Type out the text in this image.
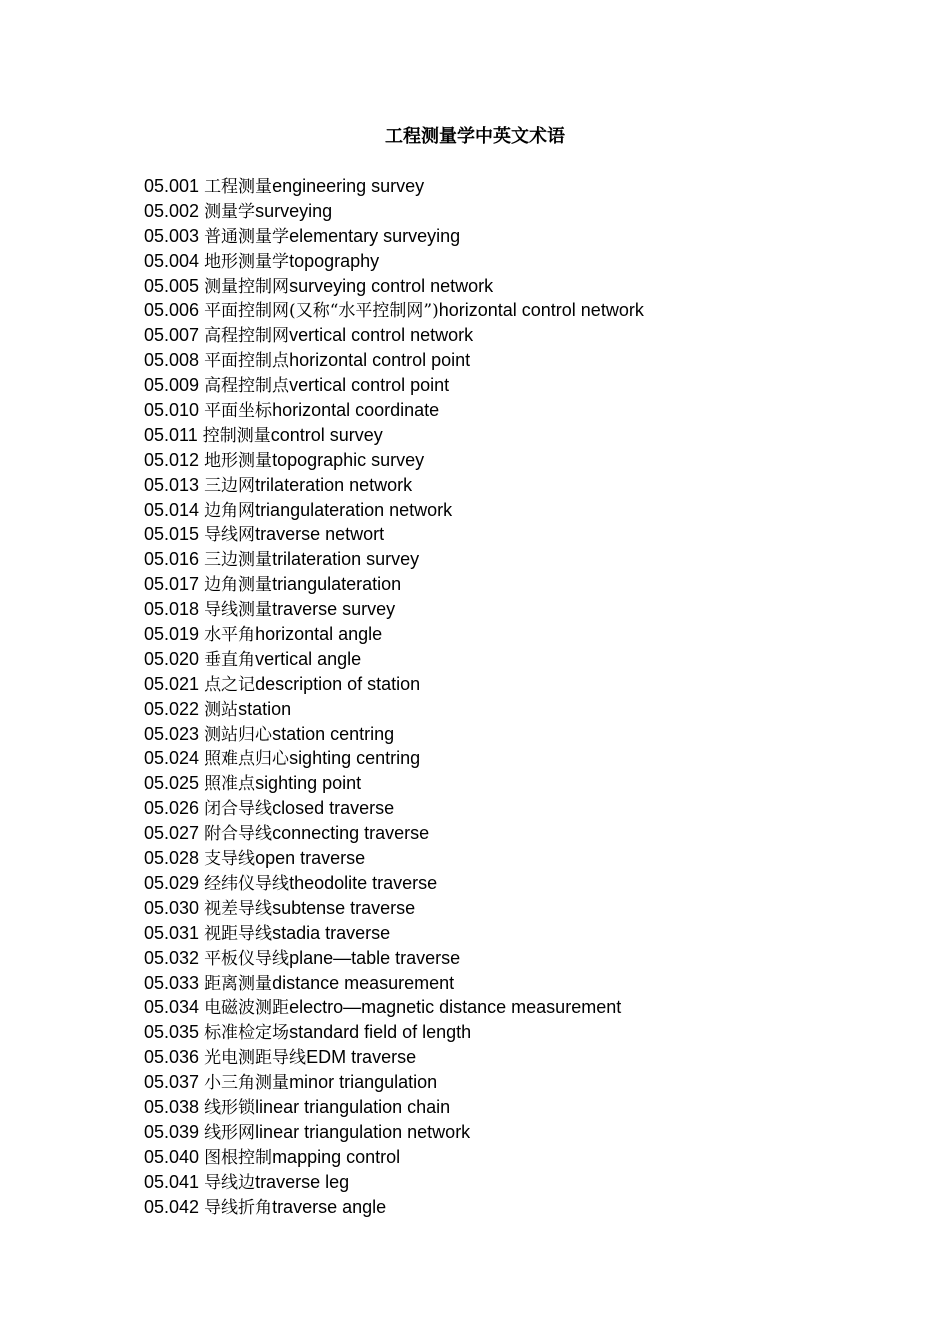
工程测量学中英文术语
05.001 工程测量engineering survey
05.002 测量学surveying
05.003 普通测量学elementary surveying
05.004 地形测量学topography
05.005 测量控制网surveying control network
05.006 平面控制网(又称“水平控制网”)horizontal control network
05.007 高程控制网vertical control network
05.008 平面控制点horizontal control point
05.009 高程控制点vertical control point
05.010 平面坐标horizontal coordinate
05.011 控制测量control survey
05.012 地形测量topographic survey
05.013 三边网trilateration network
05.014 边角网triangulateration network
05.015 导线网traverse networt
05.016 三边测量trilateration survey
05.017 边角测量triangulateration
05.018 导线测量traverse survey
05.019 水平角horizontal angle
05.020 垂直角vertical angle
05.021 点之记description of station
05.022 测站station
05.023 测站归心station centring
05.024 照难点归心sighting centring
05.025 照准点sighting point
05.026 闭合导线closed traverse
05.027 附合导线connecting traverse
05.028 支导线open traverse
05.029 经纬仪导线theodolite traverse
05.030 视差导线subtense traverse
05.031 视距导线stadia traverse
05.032 平板仪导线plane—table traverse
05.033 距离测量distance measurement
05.034 电磁波测距electro—magnetic distance measurement
05.035 标准检定场standard field of length
05.036 光电测距导线EDM traverse
05.037 小三角测量minor triangulation
05.038 线形锁linear triangulation chain
05.039 线形网linear triangulation network
05.040 图根控制mapping control
05.041 导线边traverse leg
05.042 导线折角traverse angle
